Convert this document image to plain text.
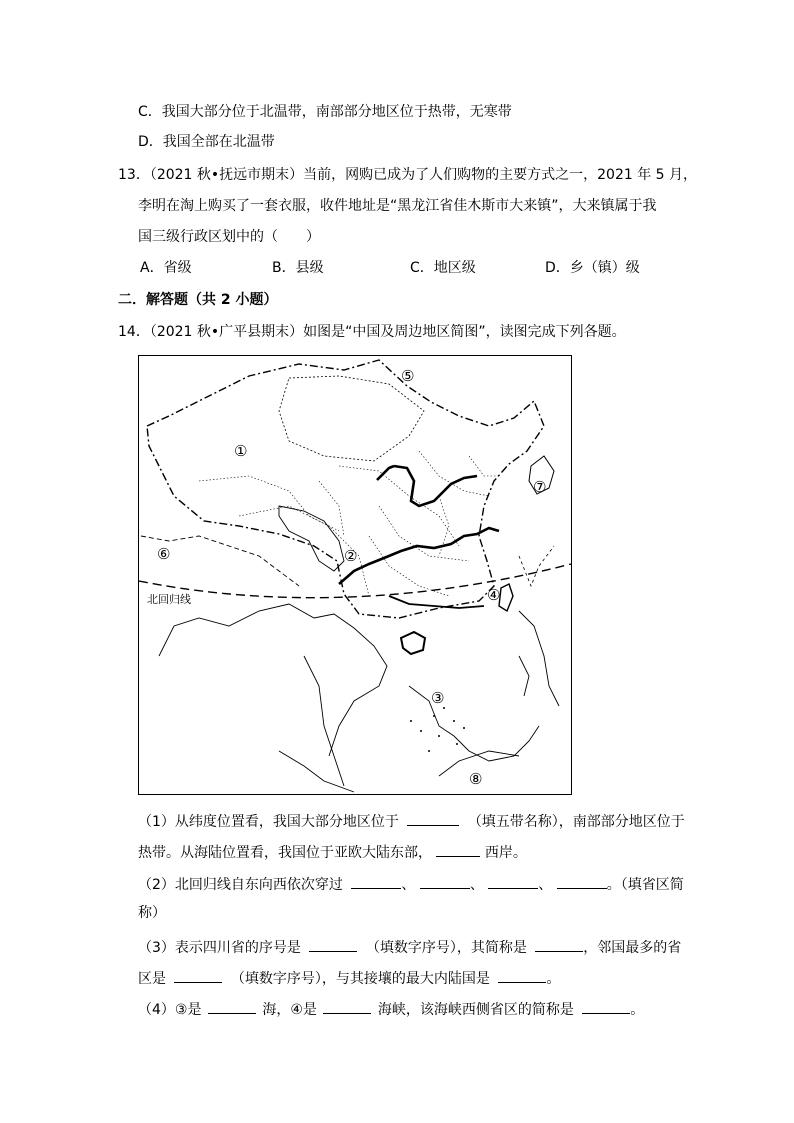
C．我国大部分位于北温带，南部部分地区位于热带，无寒带
D．我国全部在北温带
13．（2021 秋•抚远市期末）当前，网购已成为了人们购物的主要方式之一，2021 年 5 月，
李明在淘上购买了一套衣服，收件地址是“黑龙江省佳木斯市大来镇”，大来镇属于我
国三级行政区划中的（　　）
A．省级	B．县级	C．地区级	D．乡（镇）级
二．解答题（共 2 小题）
14．（2021 秋•广平县期末）如图是“中国及周边地区简图”，读图完成下列各题。
①
②
③
④
⑤
⑥
⑦
⑧
北回归线
（1）从纬度位置看，我国大部分地区位于	（填五带名称），南部部分地区位于
热带。从海陆位置看，我国位于亚欧大陆东部，	西岸。
（2）北回归线自东向西依次穿过	、	、	、	。（填省区简
称）
（3）表示四川省的序号是	（填数字序号），其简称是	，邻国最多的省
区是	（填数字序号），与其接壤的最大内陆国是	。
（4）③是	海，④是	海峡，该海峡西侧省区的简称是	。
